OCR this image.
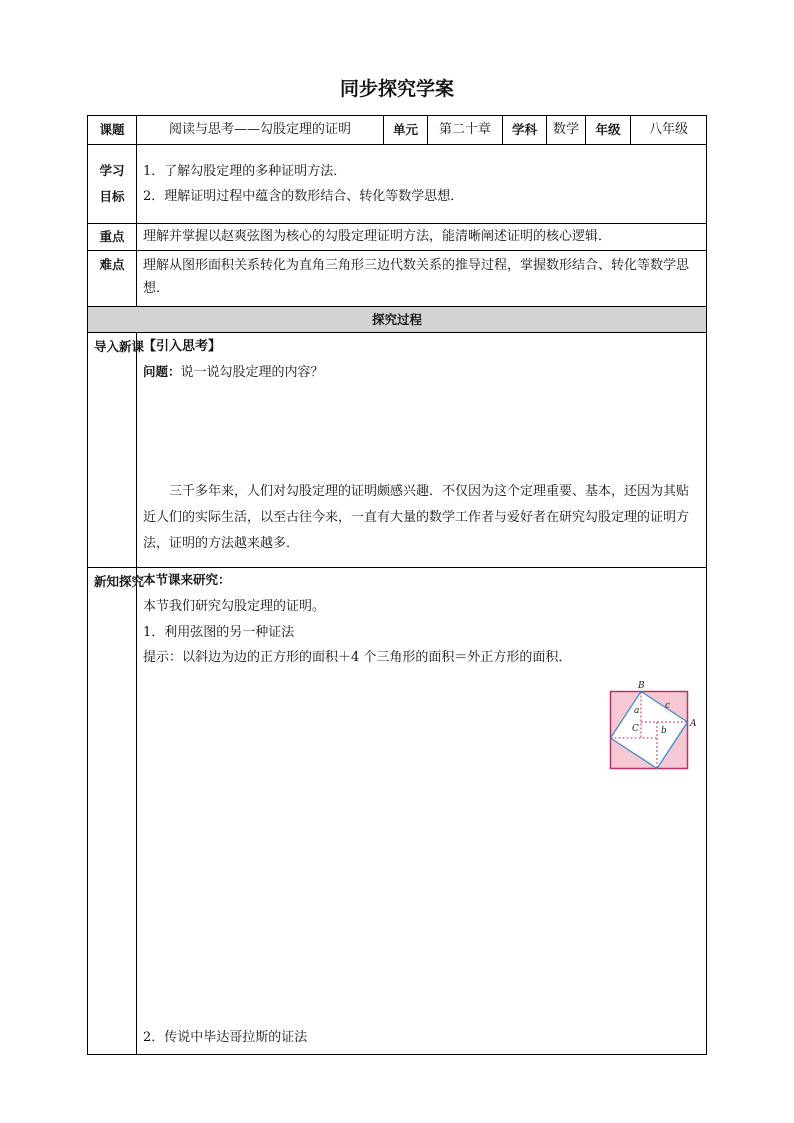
同步探究学案
课题	阅读与思考——勾股定理的证明	单元	第二十章	学科	数学	年级	八年级
学习目标	1．了解勾股定理的多种证明方法．

2．理解证明过程中蕴含的数形结合、转化等数学思想．						

重点	理解并掌握以赵爽弦图为核心的勾股定理证明方法，能清晰阐述证明的核心逻辑．						
难点	理解从图形面积关系转化为直角三角形三边代数关系的推导过程，掌握数形结合、转化等数学思想．						
探究过程							
导入新课	【引入思考】

问题：说一说勾股定理的内容？

三千多年来，人们对勾股定理的证明颇感兴趣．不仅因为这个定理重要、基本，还因为其贴近人们的实际生活，以至古往今来，一直有大量的数学工作者与爱好者在研究勾股定理的证明方法，证明的方法越来越多．						

新知探究	本节课来研究：

本节我们研究勾股定理的证明。

1．利用弦图的另一种证法

提示：以斜边为边的正方形的面积＋4 个三角形的面积＝外正方形的面积．

2．传说中毕达哥拉斯的证法						

B
A
a	c
C b
